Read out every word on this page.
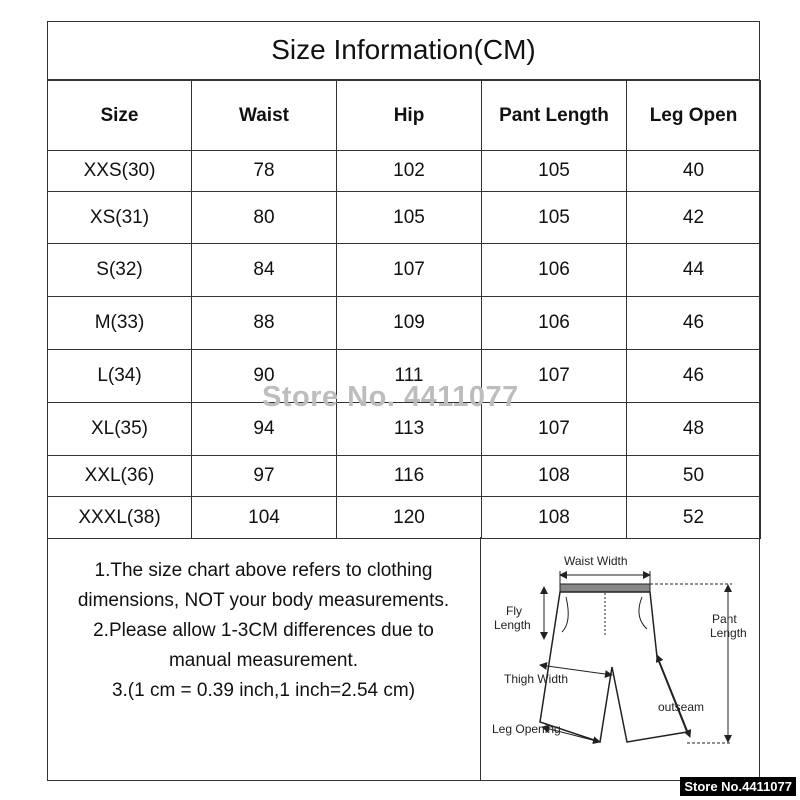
Size Information(CM)
Size	Waist	Hip	Pant Length	Leg Open
XXS(30)	78	102	105	40
XS(31)	80	105	105	42
S(32)	84	107	106	44
M(33)	88	109	106	46
L(34)	90	111	107	46
XL(35)	94	113	107	48
XXL(36)	97	116	108	50
XXXL(38)	104	120	108	52
1.The size chart above refers to clothing
dimensions, NOT your body measurements.
2.Please allow 1-3CM differences due to
manual measurement.
3.(1 cm = 0.39 inch,1 inch=2.54 cm)
Waist Width
Fly
Length	Pant
Length
Thigh Width
outseam
Leg Opening
Store No. 4411077
Store No.4411077
